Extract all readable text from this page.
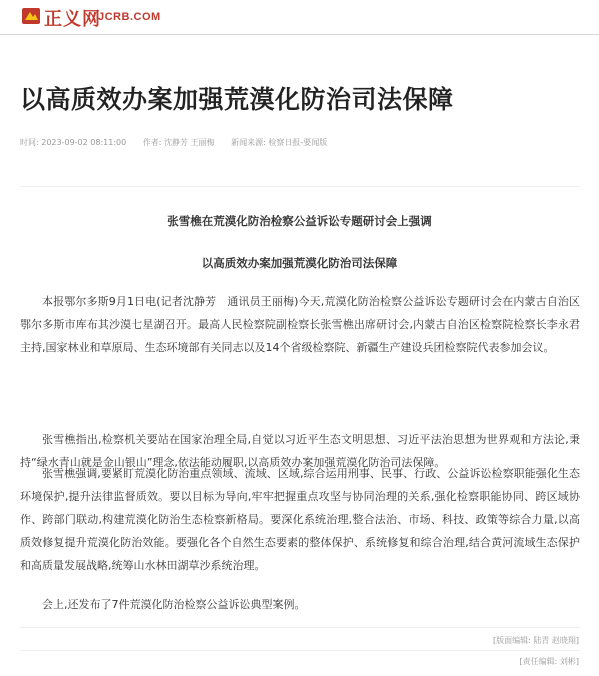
正义网
JCRB.COM
以高质效办案加强荒漠化防治司法保障
时间: 2023-09-02 08:11:00 作者: 沈静芳 王丽梅 新闻来源: 检察日报-要闻版
张雪樵在荒漠化防治检察公益诉讼专题研讨会上强调
以高质效办案加强荒漠化防治司法保障

本报鄂尔多斯9月1日电(记者沈静芳　通讯员王丽梅)今天,荒漠化防治检察公益诉讼专题研讨会在内蒙古自治区鄂尔多斯市库布其沙漠七星湖召开。最高人民检察院副检察长张雪樵出席研讨会,内蒙古自治区检察院检察长李永君主持,国家林业和草原局、生态环境部有关同志以及14个省级检察院、新疆生产建设兵团检察院代表参加会议。

张雪樵指出,检察机关要站在国家治理全局,自觉以习近平生态文明思想、习近平法治思想为世界观和方法论,秉持“绿水青山就是金山银山”理念,依法能动履职,以高质效办案加强荒漠化防治司法保障。

张雪樵强调,要紧盯荒漠化防治重点领域、流域、区域,综合运用刑事、民事、行政、公益诉讼检察职能强化生态环境保护,提升法律监督质效。要以目标为导向,牢牢把握重点攻坚与协同治理的关系,强化检察职能协同、跨区域协作、跨部门联动,构建荒漠化防治生态检察新格局。要深化系统治理,整合法治、市场、科技、政策等综合力量,以高质效修复提升荒漠化防治效能。要强化各个自然生态要素的整体保护、系统修复和综合治理,结合黄河流域生态保护和高质量发展战略,统筹山水林田湖草沙系统治理。

会上,还发布了7件荒漠化防治检察公益诉讼典型案例。

[版面编辑: 陆青 赵晓翔]
[责任编辑: 刘彬]
